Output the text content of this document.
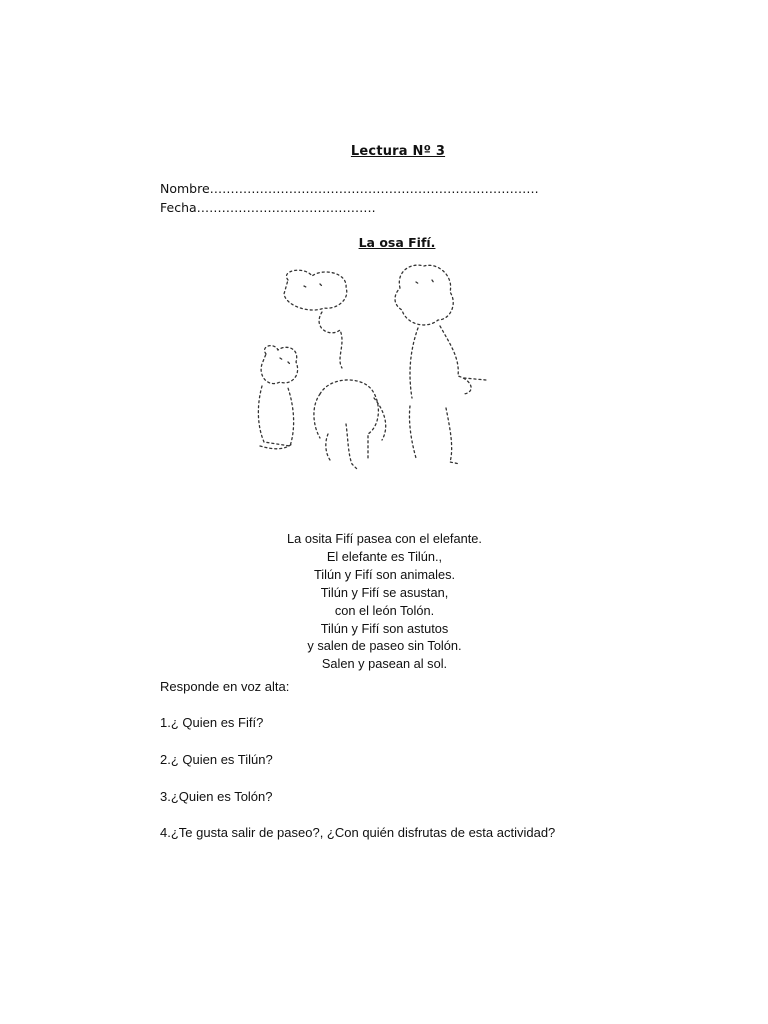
Lectura Nº 3
Nombre…………………………………………………………………….
Fecha…………………………………….
La osa Fifí.
La osita Fifí pasea con el elefante.
El elefante es Tilún.,
Tilún y Fifí son animales.
Tilún y Fifí se asustan,
con el león Tolón.
Tilún y Fifí son astutos
y salen de paseo sin Tolón.
Salen y pasean al sol.
Responde en voz alta:
1.¿ Quien es Fifí?
2.¿ Quien es Tilún?
3.¿Quien es Tolón?
4.¿Te gusta salir de paseo?, ¿Con quién disfrutas de esta actividad?
